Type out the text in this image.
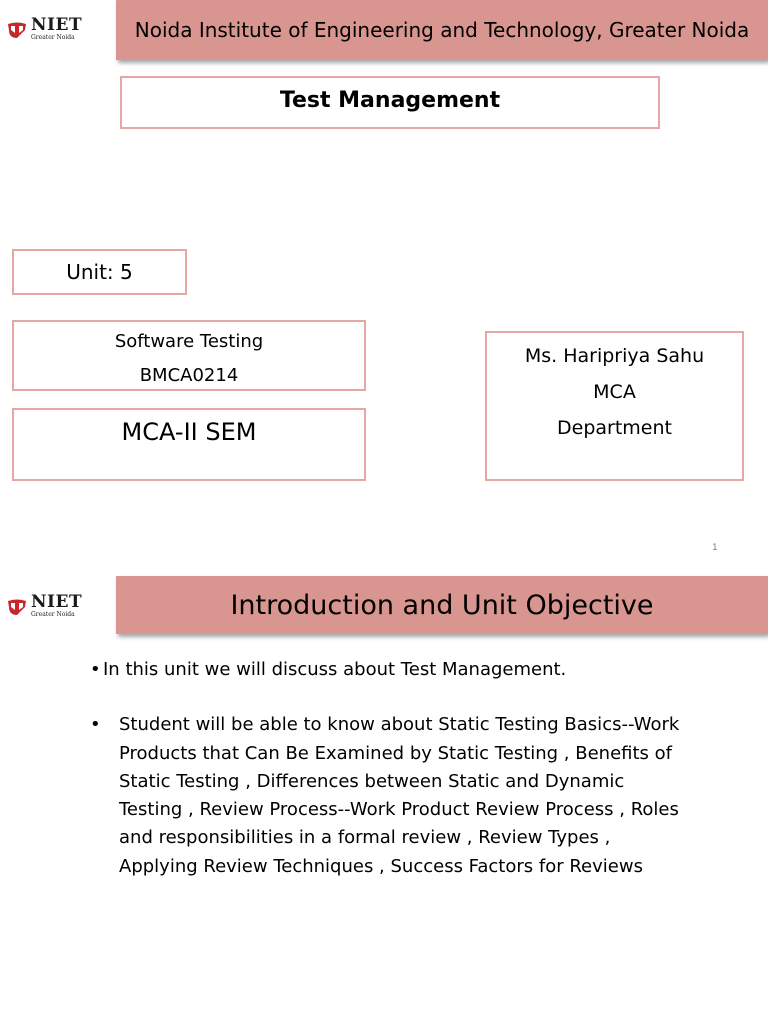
NIET
Greater Noida	Noida Institute of Engineering and Technology, Greater Noida
Test Management
Unit: 5
Software Testing
BMCA0214
MCA-II SEM
Ms. Haripriya Sahu
MCA
Department
1
NIET
Greater Noida	Introduction and Unit Objective
• In this unit we will discuss about Test Management.
• Student will be able to know about Static Testing Basics--Work Products that Can Be Examined by Static Testing , Benefits of Static Testing , Differences between Static and Dynamic Testing , Review Process--Work Product Review Process , Roles and responsibilities in a formal review , Review Types , Applying Review Techniques , Success Factors for Reviews
